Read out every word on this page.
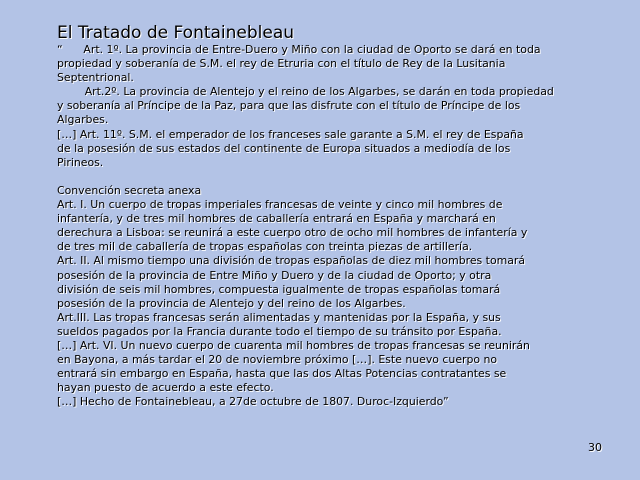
El Tratado de Fontainebleau
“      Art. 1º. La provincia de Entre-Duero y Miño con la ciudad de Oporto se dará en toda
propiedad y soberanía de S.M. el rey de Etruria con el título de Rey de la Lusitania
Septentrional.
Art.2º. La provincia de Alentejo y el reino de los Algarbes, se darán en toda propiedad
y soberanía al Príncipe de la Paz, para que las disfrute con el título de Príncipe de los
Algarbes.
[…] Art. 11º. S.M. el emperador de los franceses sale garante a S.M. el rey de España
de la posesión de sus estados del continente de Europa situados a mediodía de los
Pirineos.
Convención secreta anexa
Art. I. Un cuerpo de tropas imperiales francesas de veinte y cinco mil hombres de
infantería, y de tres mil hombres de caballería entrará en España y marchará en
derechura a Lisboa: se reunirá a este cuerpo otro de ocho mil hombres de infantería y
de tres mil de caballería de tropas españolas con treinta piezas de artillería.
Art. II. Al mismo tiempo una división de tropas españolas de diez mil hombres tomará
posesión de la provincia de Entre Miño y Duero y de la ciudad de Oporto; y otra
división de seis mil hombres, compuesta igualmente de tropas españolas tomará
posesión de la provincia de Alentejo y del reino de los Algarbes.
Art.III. Las tropas francesas serán alimentadas y mantenidas por la España, y sus
sueldos pagados por la Francia durante todo el tiempo de su tránsito por España.
[…] Art. VI. Un nuevo cuerpo de cuarenta mil hombres de tropas francesas se reunirán
en Bayona, a más tardar el 20 de noviembre próximo […]. Este nuevo cuerpo no
entrará sin embargo en España, hasta que las dos Altas Potencias contratantes se
hayan puesto de acuerdo a este efecto.
[…] Hecho de Fontainebleau, a 27de octubre de 1807. Duroc-Izquierdo”
30
